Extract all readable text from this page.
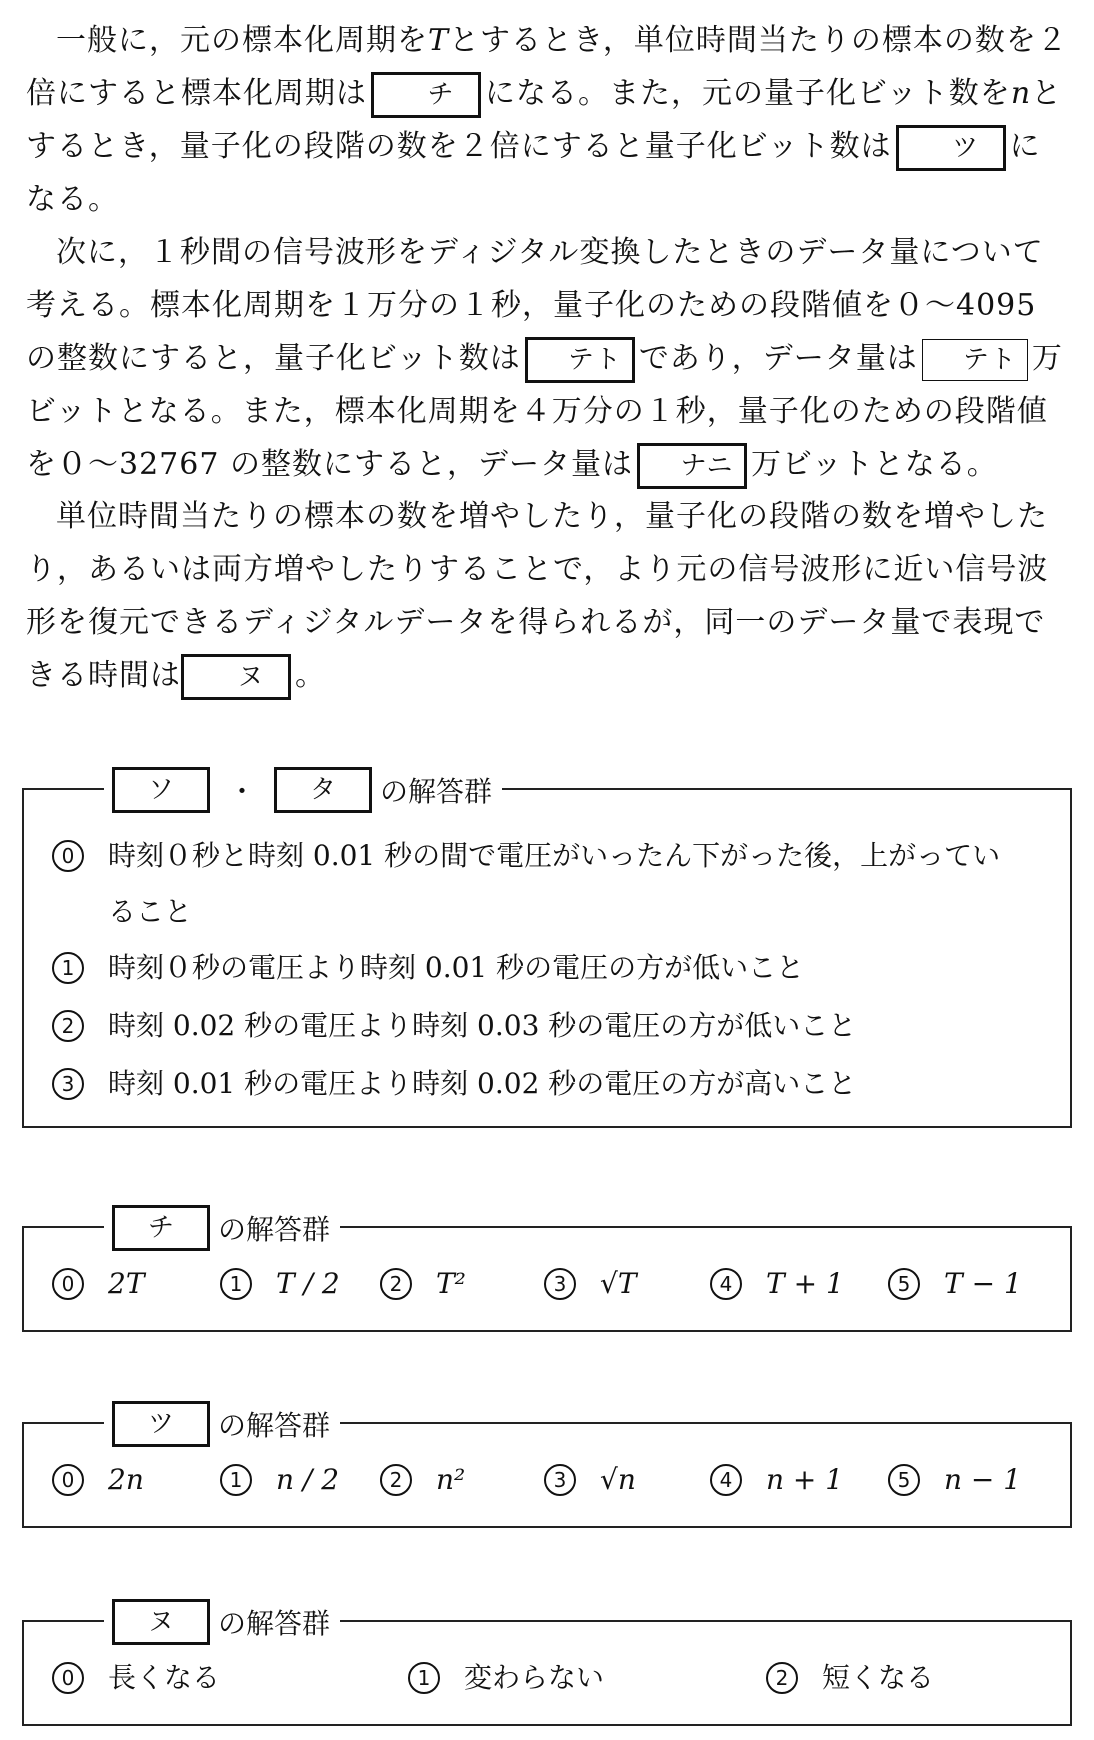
一般に，元の標本化周期をTとするとき，単位時間当たりの標本の数を２倍にすると標本化周期は チ になる。また，元の量子化ビット数をnとするとき，量子化の段階の数を２倍にすると量子化ビット数は ツ になる。

次に，１秒間の信号波形をディジタル変換したときのデータ量について考える。標本化周期を１万分の１秒，量子化のための段階値を０～4095 の整数にすると，量子化ビット数は テト であり，データ量は テト 万ビットとなる。また，標本化周期を４万分の１秒，量子化のための段階値を０～32767 の整数にすると，データ量は ナニ 万ビットとなる。

単位時間当たりの標本の数を増やしたり，量子化の段階の数を増やしたり，あるいは両方増やしたりすることで，より元の信号波形に近い信号波形を復元できるディジタルデータを得られるが，同一のデータ量で表現できる時間は ヌ 。

ソ	・	タ	の解答群
0	時刻０秒と時刻 0.01 秒の間で電圧がいったん下がった後，上がっていること
1	時刻０秒の電圧より時刻 0.01 秒の電圧の方が低いこと
2	時刻 0.02 秒の電圧より時刻 0.03 秒の電圧の方が低いこと
3	時刻 0.01 秒の電圧より時刻 0.02 秒の電圧の方が高いこと
チ	の解答群
0	2T	1	T / 2	2	T²	3	√T	4	T + 1	5	T − 1
ツ	の解答群
0	2n	1	n / 2	2	n²	3	√n	4	n + 1	5	n − 1
ヌ	の解答群
0	長くなる	1	変わらない	2	短くなる
